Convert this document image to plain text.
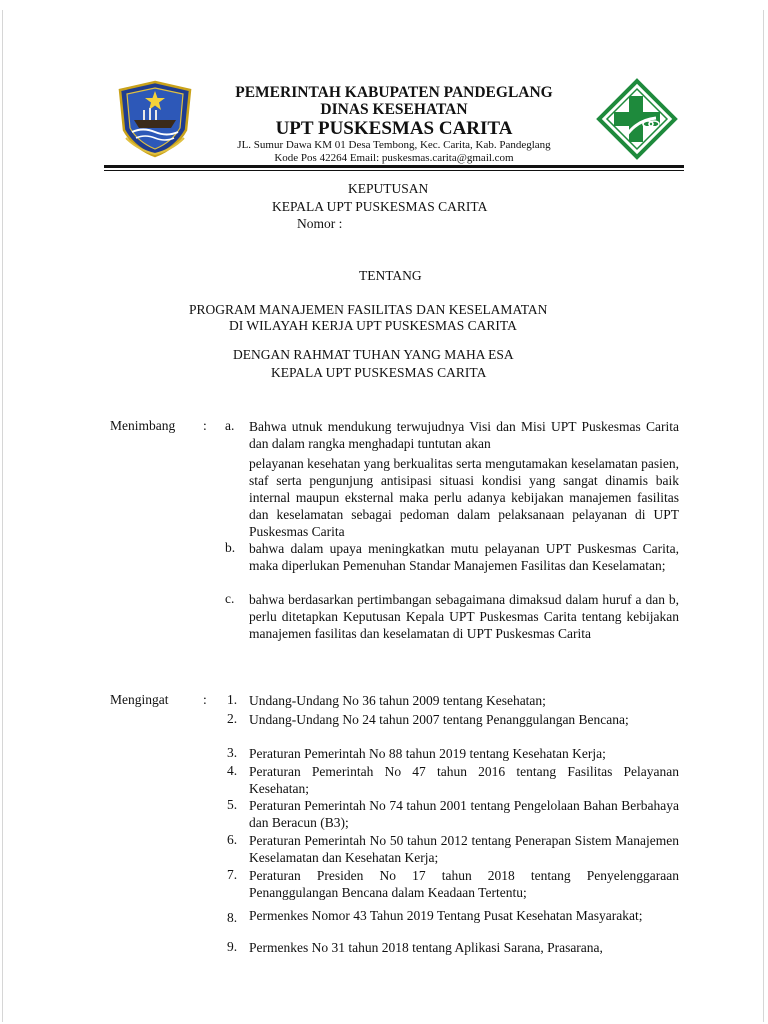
PEMERINTAH KABUPATEN PANDEGLANG
DINAS KESEHATAN
UPT PUSKESMAS CARITA
JL. Sumur Dawa KM 01 Desa Tembong, Kec. Carita, Kab. Pandeglang
Kode Pos 42264 Email: puskesmas.carita@gmail.com
KEPUTUSAN
KEPALA UPT PUSKESMAS CARITA
Nomor :
TENTANG
PROGRAM MANAJEMEN FASILITAS DAN KESELAMATAN
DI WILAYAH KERJA UPT PUSKESMAS CARITA
DENGAN RAHMAT TUHAN YANG MAHA ESA
KEPALA UPT PUSKESMAS CARITA
Menimbang : a. Bahwa utnuk mendukung terwujudnya Visi dan Misi UPT Puskesmas Carita dan dalam rangka menghadapi tuntutan akan
pelayanan kesehatan yang berkualitas serta mengutamakan keselamatan pasien, staf serta pengunjung antisipasi situasi kondisi yang sangat dinamis baik internal maupun eksternal maka perlu adanya kebijakan manajemen fasilitas dan keselamatan sebagai pedoman dalam pelaksanaan pelayanan di UPT Puskesmas Carita
b. bahwa dalam upaya meningkatkan mutu pelayanan UPT Puskesmas Carita, maka diperlukan Pemenuhan Standar Manajemen Fasilitas dan Keselamatan;
c. bahwa berdasarkan pertimbangan sebagaimana dimaksud dalam huruf a dan b, perlu ditetapkan Keputusan Kepala UPT Puskesmas Carita tentang kebijakan manajemen fasilitas dan keselamatan di UPT Puskesmas Carita
Mengingat	: 1. Undang-Undang No 36 tahun 2009 tentang Kesehatan;
2. Undang-Undang No 24 tahun 2007 tentang Penanggulangan Bencana;
3. Peraturan Pemerintah No 88 tahun 2019 tentang Kesehatan Kerja;
4. Peraturan Pemerintah No 47 tahun 2016 tentang Fasilitas Pelayanan Kesehatan;
5. Peraturan Pemerintah No 74 tahun 2001 tentang Pengelolaan Bahan Berbahaya dan Beracun (B3);
6. Peraturan Pemerintah No 50 tahun 2012 tentang Penerapan Sistem Manajemen Keselamatan dan Kesehatan Kerja;
7. Peraturan Presiden No 17 tahun 2018 tentang Penyelenggaraan Penanggulangan Bencana dalam Keadaan Tertentu;
8. Permenkes Nomor 43 Tahun 2019 Tentang Pusat Kesehatan Masyarakat;
9. Permenkes No 31 tahun 2018 tentang Aplikasi Sarana, Prasarana,
